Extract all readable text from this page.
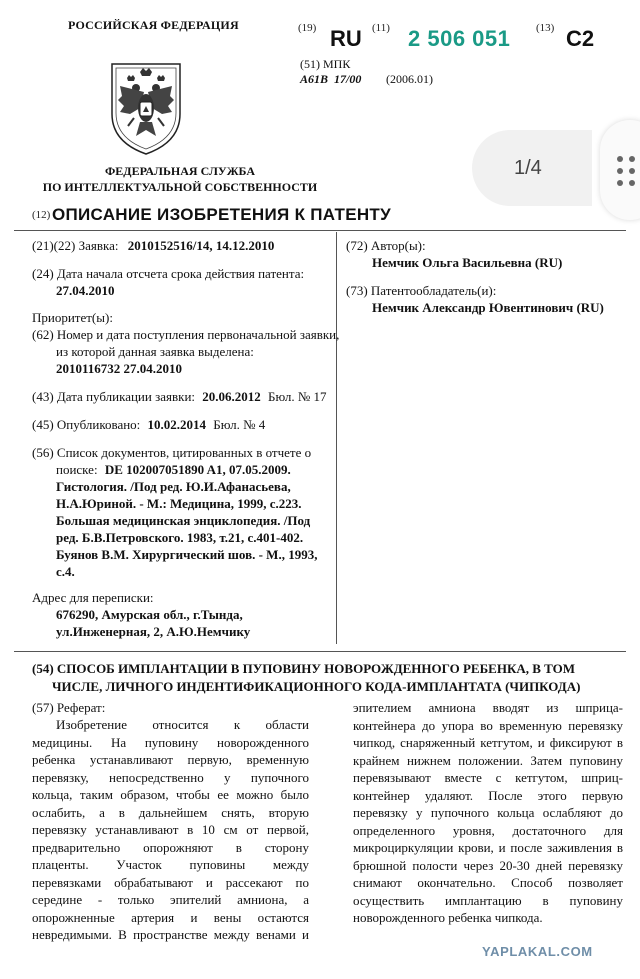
РОССИЙСКАЯ ФЕДЕРАЦИЯ	(19) RU (11) 2 506 051 (13) C2
(51) МПК
A61B  17/00 (2006.01)
ФЕДЕРАЛЬНАЯ СЛУЖБА
ПО ИНТЕЛЛЕКТУАЛЬНОЙ СОБСТВЕННОСТИ
1/4
(12) ОПИСАНИЕ ИЗОБРЕТЕНИЯ К ПАТЕНТУ
(21)(22) Заявка: 2010152516/14, 14.12.2010
(24) Дата начала отсчета срока действия патента:
27.04.2010
Приоритет(ы):
(62) Номер и дата поступления первоначальной заявки,
из которой данная заявка выделена:
2010116732 27.04.2010
(43) Дата публикации заявки: 20.06.2012 Бюл. № 17
(45) Опубликовано: 10.02.2014 Бюл. № 4
(56) Список документов, цитированных в отчете о
поиске: DE 102007051890 A1, 07.05.2009.
Гистология. /Под ред. Ю.И.Афанасьева,
Н.А.Юриной. - М.: Медицина, 1999, с.223.
Большая медицинская энциклопедия. /Под
ред. Б.В.Петровского. 1983, т.21, с.401-402.
Буянов В.М. Хирургический шов. - М., 1993,
с.4.
Адрес для переписки:
676290, Амурская обл., г.Тында,
ул.Инженерная, 2, А.Ю.Немчику
(72) Автор(ы):
Немчик Ольга Васильевна (RU)
(73) Патентообладатель(и):
Немчик Александр Ювентинович (RU)
(54) СПОСОБ ИМПЛАНТАЦИИ В ПУПОВИНУ НОВОРОЖДЕННОГО РЕБЕНКА, В ТОМ
ЧИСЛЕ, ЛИЧНОГО ИНДЕНТИФИКАЦИОННОГО КОДА-ИМПЛАНТАТА (ЧИПКОДА)
(57) Реферат:
Изобретение относится к области
медицины. На пуповину новорожденного
ребенка устанавливают первую, временную
перевязку, непосредственно у пупочного
кольца, таким образом, чтобы ее можно было
ослабить, а в дальнейшем снять, вторую
перевязку устанавливают в 10 см от первой,
предварительно опорожняют в сторону
плаценты. Участок пуповины между
перевязками обрабатывают и рассекают по
середине - только эпителий амниона, а
опорожненные артерия и вены остаются
невредимыми. В пространстве между венами и
эпителием амниона вводят из шприца-
контейнера до упора во временную перевязку
чипкод, снаряженный кетгутом, и фиксируют в
крайнем нижнем положении. Затем пуповину
перевязывают вместе с кетгутом, шприц-
контейнер удаляют. После этого первую
перевязку у пупочного кольца ослабляют до
определенного уровня, достаточного для
микроциркуляции крови, и после заживления в
брюшной полости через 20-30 дней перевязку
снимают окончательно. Способ позволяет
осуществить имплантацию в пуповину
новорожденного ребенка чипкода.
YAPLAKAL.COM
